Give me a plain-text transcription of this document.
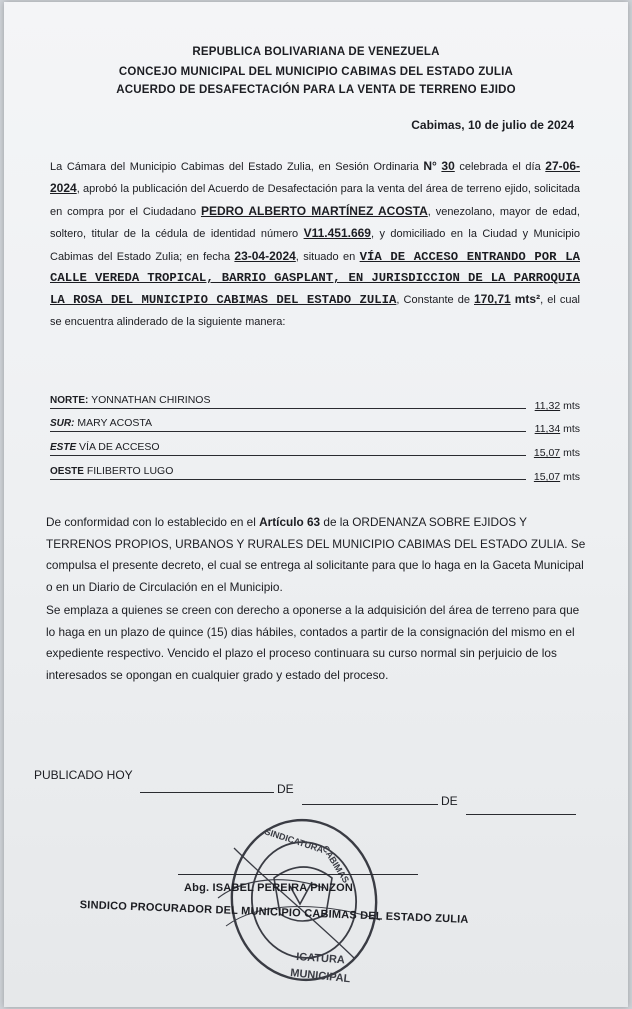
REPUBLICA BOLIVARIANA DE VENEZUELA
CONCEJO MUNICIPAL DEL MUNICIPIO CABIMAS DEL ESTADO ZULIA
ACUERDO DE DESAFECTACIÓN PARA LA VENTA DE TERRENO EJIDO
Cabimas, 10 de julio de 2024
La Cámara del Municipio Cabimas del Estado Zulia, en Sesión Ordinaria N° 30 celebrada el día 27-06-2024, aprobó la publicación del Acuerdo de Desafectación para la venta del área de terreno ejido, solicitada en compra por el Ciudadano PEDRO ALBERTO MARTÍNEZ ACOSTA, venezolano, mayor de edad, soltero, titular de la cédula de identidad número V11.451.669, y domiciliado en la Ciudad y Municipio Cabimas del Estado Zulia; en fecha 23-04-2024, situado en VÍA DE ACCESO ENTRANDO POR LA CALLE VEREDA TROPICAL, BARRIO GASPLANT, EN JURISDICCION DE LA PARROQUIA LA ROSA DEL MUNICIPIO CABIMAS DEL ESTADO ZULIA, Constante de 170,71 mts², el cual se encuentra alinderado de la siguiente manera:
NORTE: YONNATHAN CHIRINOS	11,32 mts
SUR: MARY ACOSTA	11,34 mts
ESTE VÍA DE ACCESO	15,07 mts
OESTE FILIBERTO LUGO	15,07 mts
De conformidad con lo establecido en el Artículo 63 de la ORDENANZA SOBRE EJIDOS Y TERRENOS PROPIOS, URBANOS Y RURALES DEL MUNICIPIO CABIMAS DEL ESTADO ZULIA. Se compulsa el presente decreto, el cual se entrega al solicitante para que lo haga en la Gaceta Municipal o en un Diario de Circulación en el Municipio.
Se emplaza a quienes se creen con derecho a oponerse a la adquisición del área de terreno para que lo haga en un plazo de quince (15) dias hábiles, contados a partir de la consignación del mismo en el expediente respectivo. Vencido el plazo el proceso continuara su curso normal sin perjuicio de los interesados se opongan en cualquier grado y estado del proceso.
PUBLICADO HOY
DE
DE
CABIMAS
SINDICATURA
ICATURA
MUNICIPAL
Abg. ISABEL PEREIRA PINZON
SINDICO PROCURADOR DEL MUNICIPIO CABIMAS DEL ESTADO ZULIA
